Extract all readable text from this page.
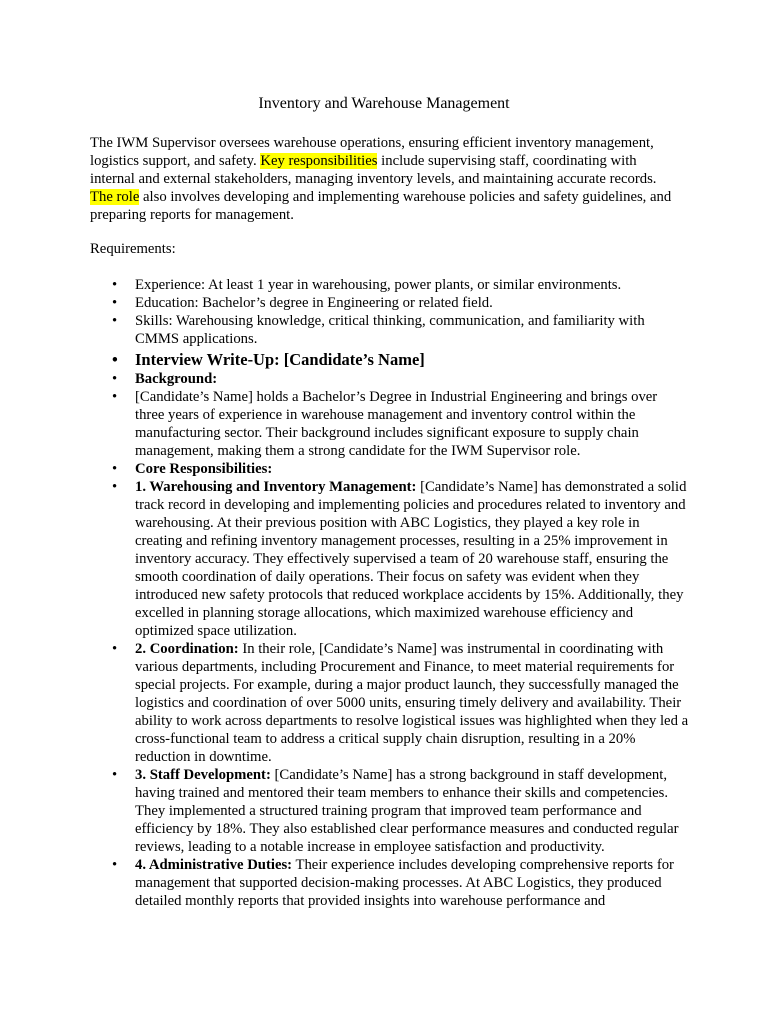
Inventory and Warehouse Management

The IWM Supervisor oversees warehouse operations, ensuring efficient inventory management, logistics support, and safety. Key responsibilities include supervising staff, coordinating with internal and external stakeholders, managing inventory levels, and maintaining accurate records. The role also involves developing and implementing warehouse policies and safety guidelines, and preparing reports for management.

Requirements:

• Experience: At least 1 year in warehousing, power plants, or similar environments.
• Education: Bachelor’s degree in Engineering or related field.
• Skills: Warehousing knowledge, critical thinking, communication, and familiarity with CMMS applications.
• Interview Write-Up: [Candidate’s Name]
• Background:
• [Candidate’s Name] holds a Bachelor’s Degree in Industrial Engineering and brings over three years of experience in warehouse management and inventory control within the manufacturing sector. Their background includes significant exposure to supply chain management, making them a strong candidate for the IWM Supervisor role.
• Core Responsibilities:
• 1. Warehousing and Inventory Management: [Candidate’s Name] has demonstrated a solid track record in developing and implementing policies and procedures related to inventory and warehousing. At their previous position with ABC Logistics, they played a key role in creating and refining inventory management processes, resulting in a 25% improvement in inventory accuracy. They effectively supervised a team of 20 warehouse staff, ensuring the smooth coordination of daily operations. Their focus on safety was evident when they introduced new safety protocols that reduced workplace accidents by 15%. Additionally, they excelled in planning storage allocations, which maximized warehouse efficiency and optimized space utilization.
• 2. Coordination: In their role, [Candidate’s Name] was instrumental in coordinating with various departments, including Procurement and Finance, to meet material requirements for special projects. For example, during a major product launch, they successfully managed the logistics and coordination of over 5000 units, ensuring timely delivery and availability. Their ability to work across departments to resolve logistical issues was highlighted when they led a cross-functional team to address a critical supply chain disruption, resulting in a 20% reduction in downtime.
• 3. Staff Development: [Candidate’s Name] has a strong background in staff development, having trained and mentored their team members to enhance their skills and competencies. They implemented a structured training program that improved team performance and efficiency by 18%. They also established clear performance measures and conducted regular reviews, leading to a notable increase in employee satisfaction and productivity.
• 4. Administrative Duties: Their experience includes developing comprehensive reports for management that supported decision-making processes. At ABC Logistics, they produced detailed monthly reports that provided insights into warehouse performance and
